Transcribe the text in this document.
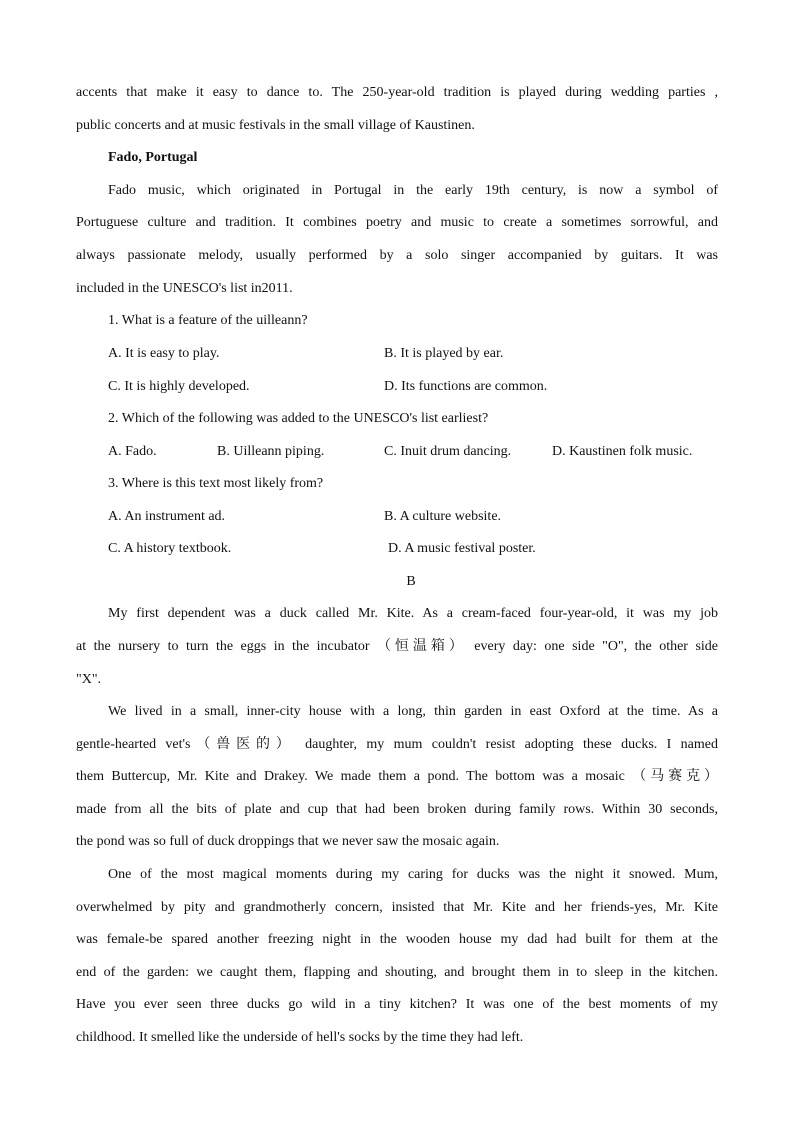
accents that make it easy to dance to. The 250-year-old tradition is played during wedding parties ,
public concerts and at music festivals in the small village of Kaustinen.
Fado, Portugal
Fado music, which originated in Portugal in the early 19th century, is now a symbol of
Portuguese culture and tradition. It combines poetry and music to create a sometimes sorrowful, and
always passionate melody, usually performed by a solo singer accompanied by guitars. It was
included in the UNESCO's list in2011.
1. What is a feature of the uilleann?
A. It is easy to play.	B. It is played by ear.
C. It is highly developed.	D. Its functions are common.
2. Which of the following was added to the UNESCO's list earliest?
A. Fado.	B. Uilleann piping.	C. Inuit drum dancing.	D. Kaustinen folk music.
3. Where is this text most likely from?
A. An instrument ad.	B. A culture website.
C. A history textbook.	D. A music festival poster.
B
My first dependent was a duck called Mr. Kite. As a cream-faced four-year-old, it was my job
at the nursery to turn the eggs in the incubator （恒温箱） every day: one side "O", the other side
"X".
We lived in a small, inner-city house with a long, thin garden in east Oxford at the time. As a
gentle-hearted vet's（兽医的） daughter, my mum couldn't resist adopting these ducks. I named
them Buttercup, Mr. Kite and Drakey. We made them a pond. The bottom was a mosaic （马赛克）
made from all the bits of plate and cup that had been broken during family rows. Within 30 seconds,
the pond was so full of duck droppings that we never saw the mosaic again.
One of the most magical moments during my caring for ducks was the night it snowed. Mum,
overwhelmed by pity and grandmotherly concern, insisted that Mr. Kite and her friends-yes, Mr. Kite
was female-be spared another freezing night in the wooden house my dad had built for them at the
end of the garden: we caught them, flapping and shouting, and brought them in to sleep in the kitchen.
Have you ever seen three ducks go wild in a tiny kitchen? It was one of the best moments of my
childhood. It smelled like the underside of hell's socks by the time they had left.
